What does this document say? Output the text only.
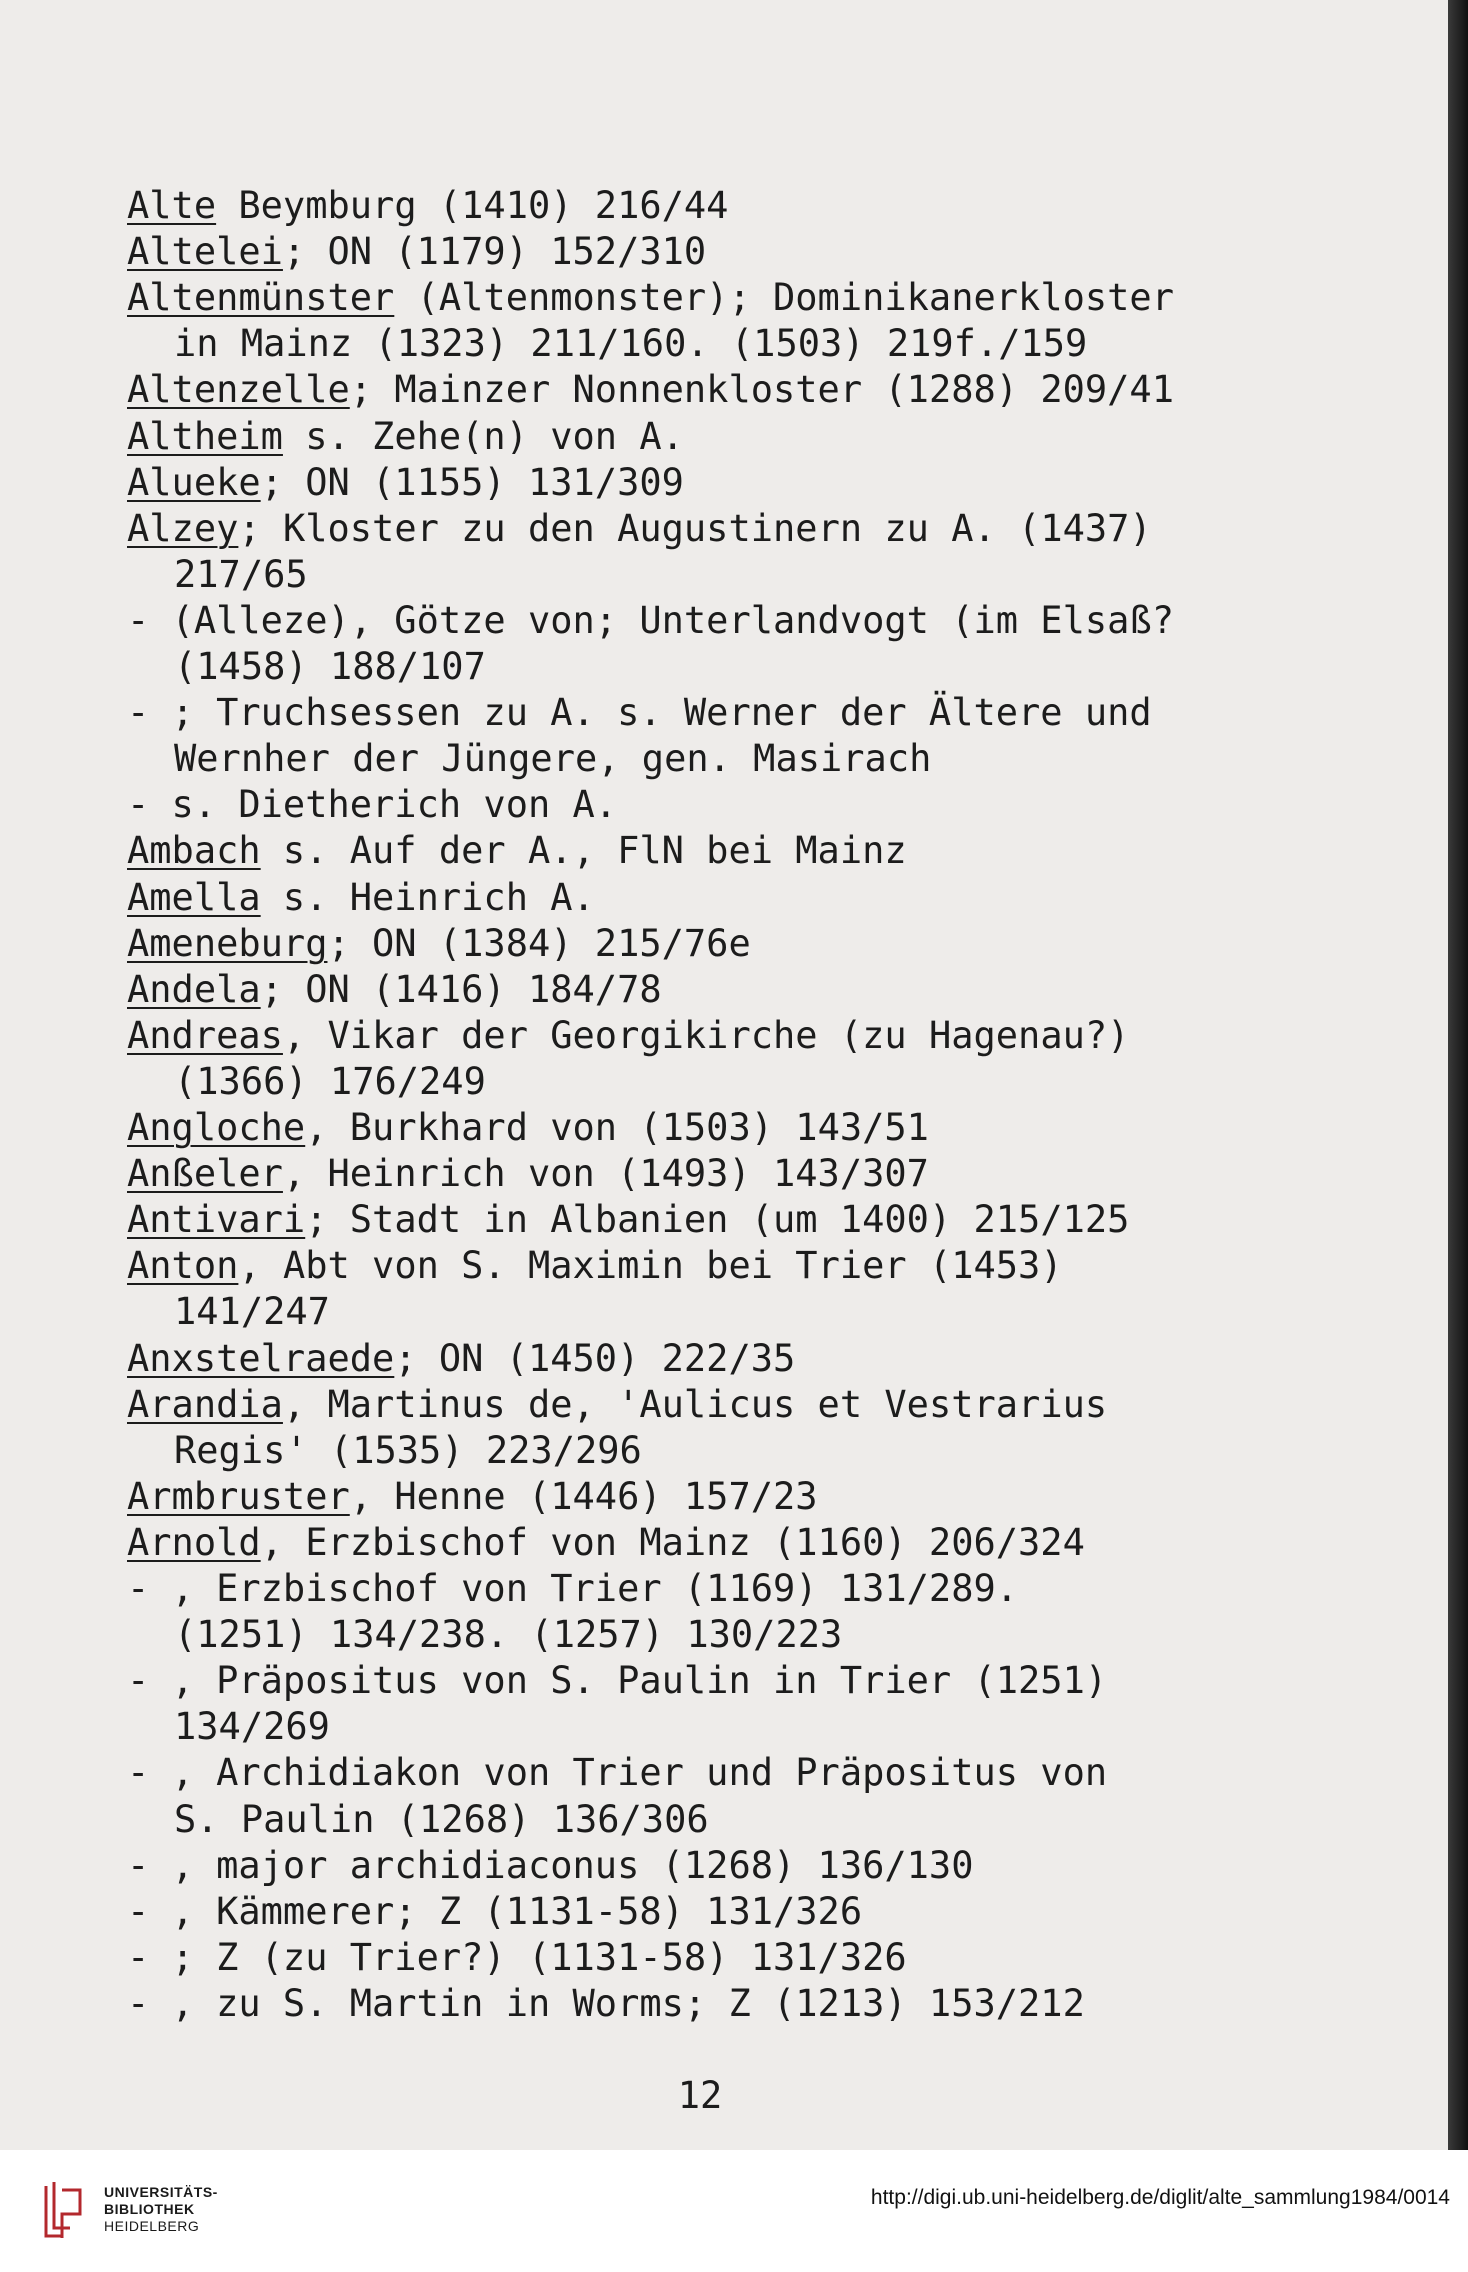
Alte Beymburg (1410) 216/44
Altelei; ON (1179) 152/310
Altenmünster (Altenmonster); Dominikanerkloster
in Mainz (1323) 211/160. (1503) 219f./159
Altenzelle; Mainzer Nonnenkloster (1288) 209/41
Altheim s. Zehe(n) von A.
Alueke; ON (1155) 131/309
Alzey; Kloster zu den Augustinern zu A. (1437)
217/65
- (Alleze), Götze von; Unterlandvogt (im Elsaß?
(1458) 188/107
- ; Truchsessen zu A. s. Werner der Ältere und
Wernher der Jüngere, gen. Masirach
- s. Dietherich von A.
Ambach s. Auf der A., FlN bei Mainz
Amella s. Heinrich A.
Ameneburg; ON (1384) 215/76e
Andela; ON (1416) 184/78
Andreas, Vikar der Georgikirche (zu Hagenau?)
(1366) 176/249
Angloche, Burkhard von (1503) 143/51
Anßeler, Heinrich von (1493) 143/307
Antivari; Stadt in Albanien (um 1400) 215/125
Anton, Abt von S. Maximin bei Trier (1453)
141/247
Anxstelraede; ON (1450) 222/35
Arandia, Martinus de, 'Aulicus et Vestrarius
Regis' (1535) 223/296
Armbruster, Henne (1446) 157/23
Arnold, Erzbischof von Mainz (1160) 206/324
- , Erzbischof von Trier (1169) 131/289.
(1251) 134/238. (1257) 130/223
- , Präpositus von S. Paulin in Trier (1251)
134/269
- , Archidiakon von Trier und Präpositus von
S. Paulin (1268) 136/306
- , major archidiaconus (1268) 136/130
- , Kämmerer; Z (1131-58) 131/326
- ; Z (zu Trier?) (1131-58) 131/326
- , zu S. Martin in Worms; Z (1213) 153/212
12
UNIVERSITÄTS-
BIBLIOTHEK
HEIDELBERG
http://digi.ub.uni-heidelberg.de/diglit/alte_sammlung1984/0014
